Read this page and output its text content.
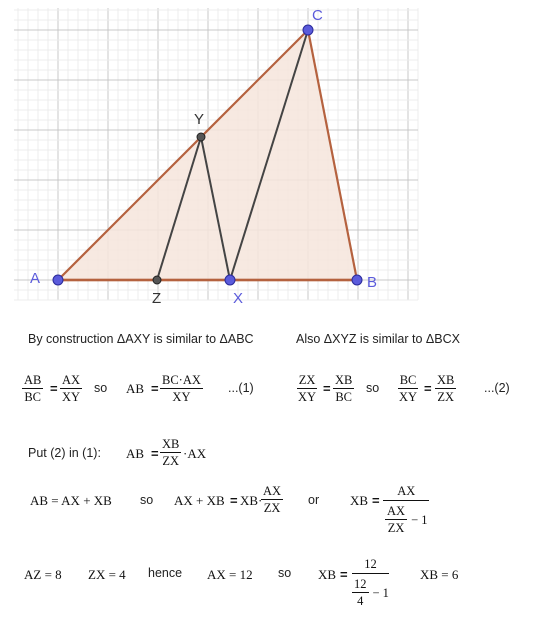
A	B
C
X
Y
Z
By construction ΔAXY is similar to ΔABC	Also ΔXYZ is similar to ΔBCX
$\frac{AB}{BC} = \frac{AX}{XY}$ so AB = $\frac{BC\cdot AX}{XY} ...(1)$	$\frac{ZX}{XY} = \frac{XB}{BC}$ so $\frac{BC}{XY} = \frac{XB}{ZX} ...(2)$
Put (2) in (1): AB = $\frac{XB}{ZX} \cdot AX$
AB = AX + XB so AX + XB = XB·
$\frac{AX}{ZX}$ or XB = $\frac{AX}{\frac{AX}{ZX} - 1}$
AZ = 8 ZX = 4 hence AX = 12 so XB = $\frac{12}{\frac{12}{4} - 1}$ XB = 6
